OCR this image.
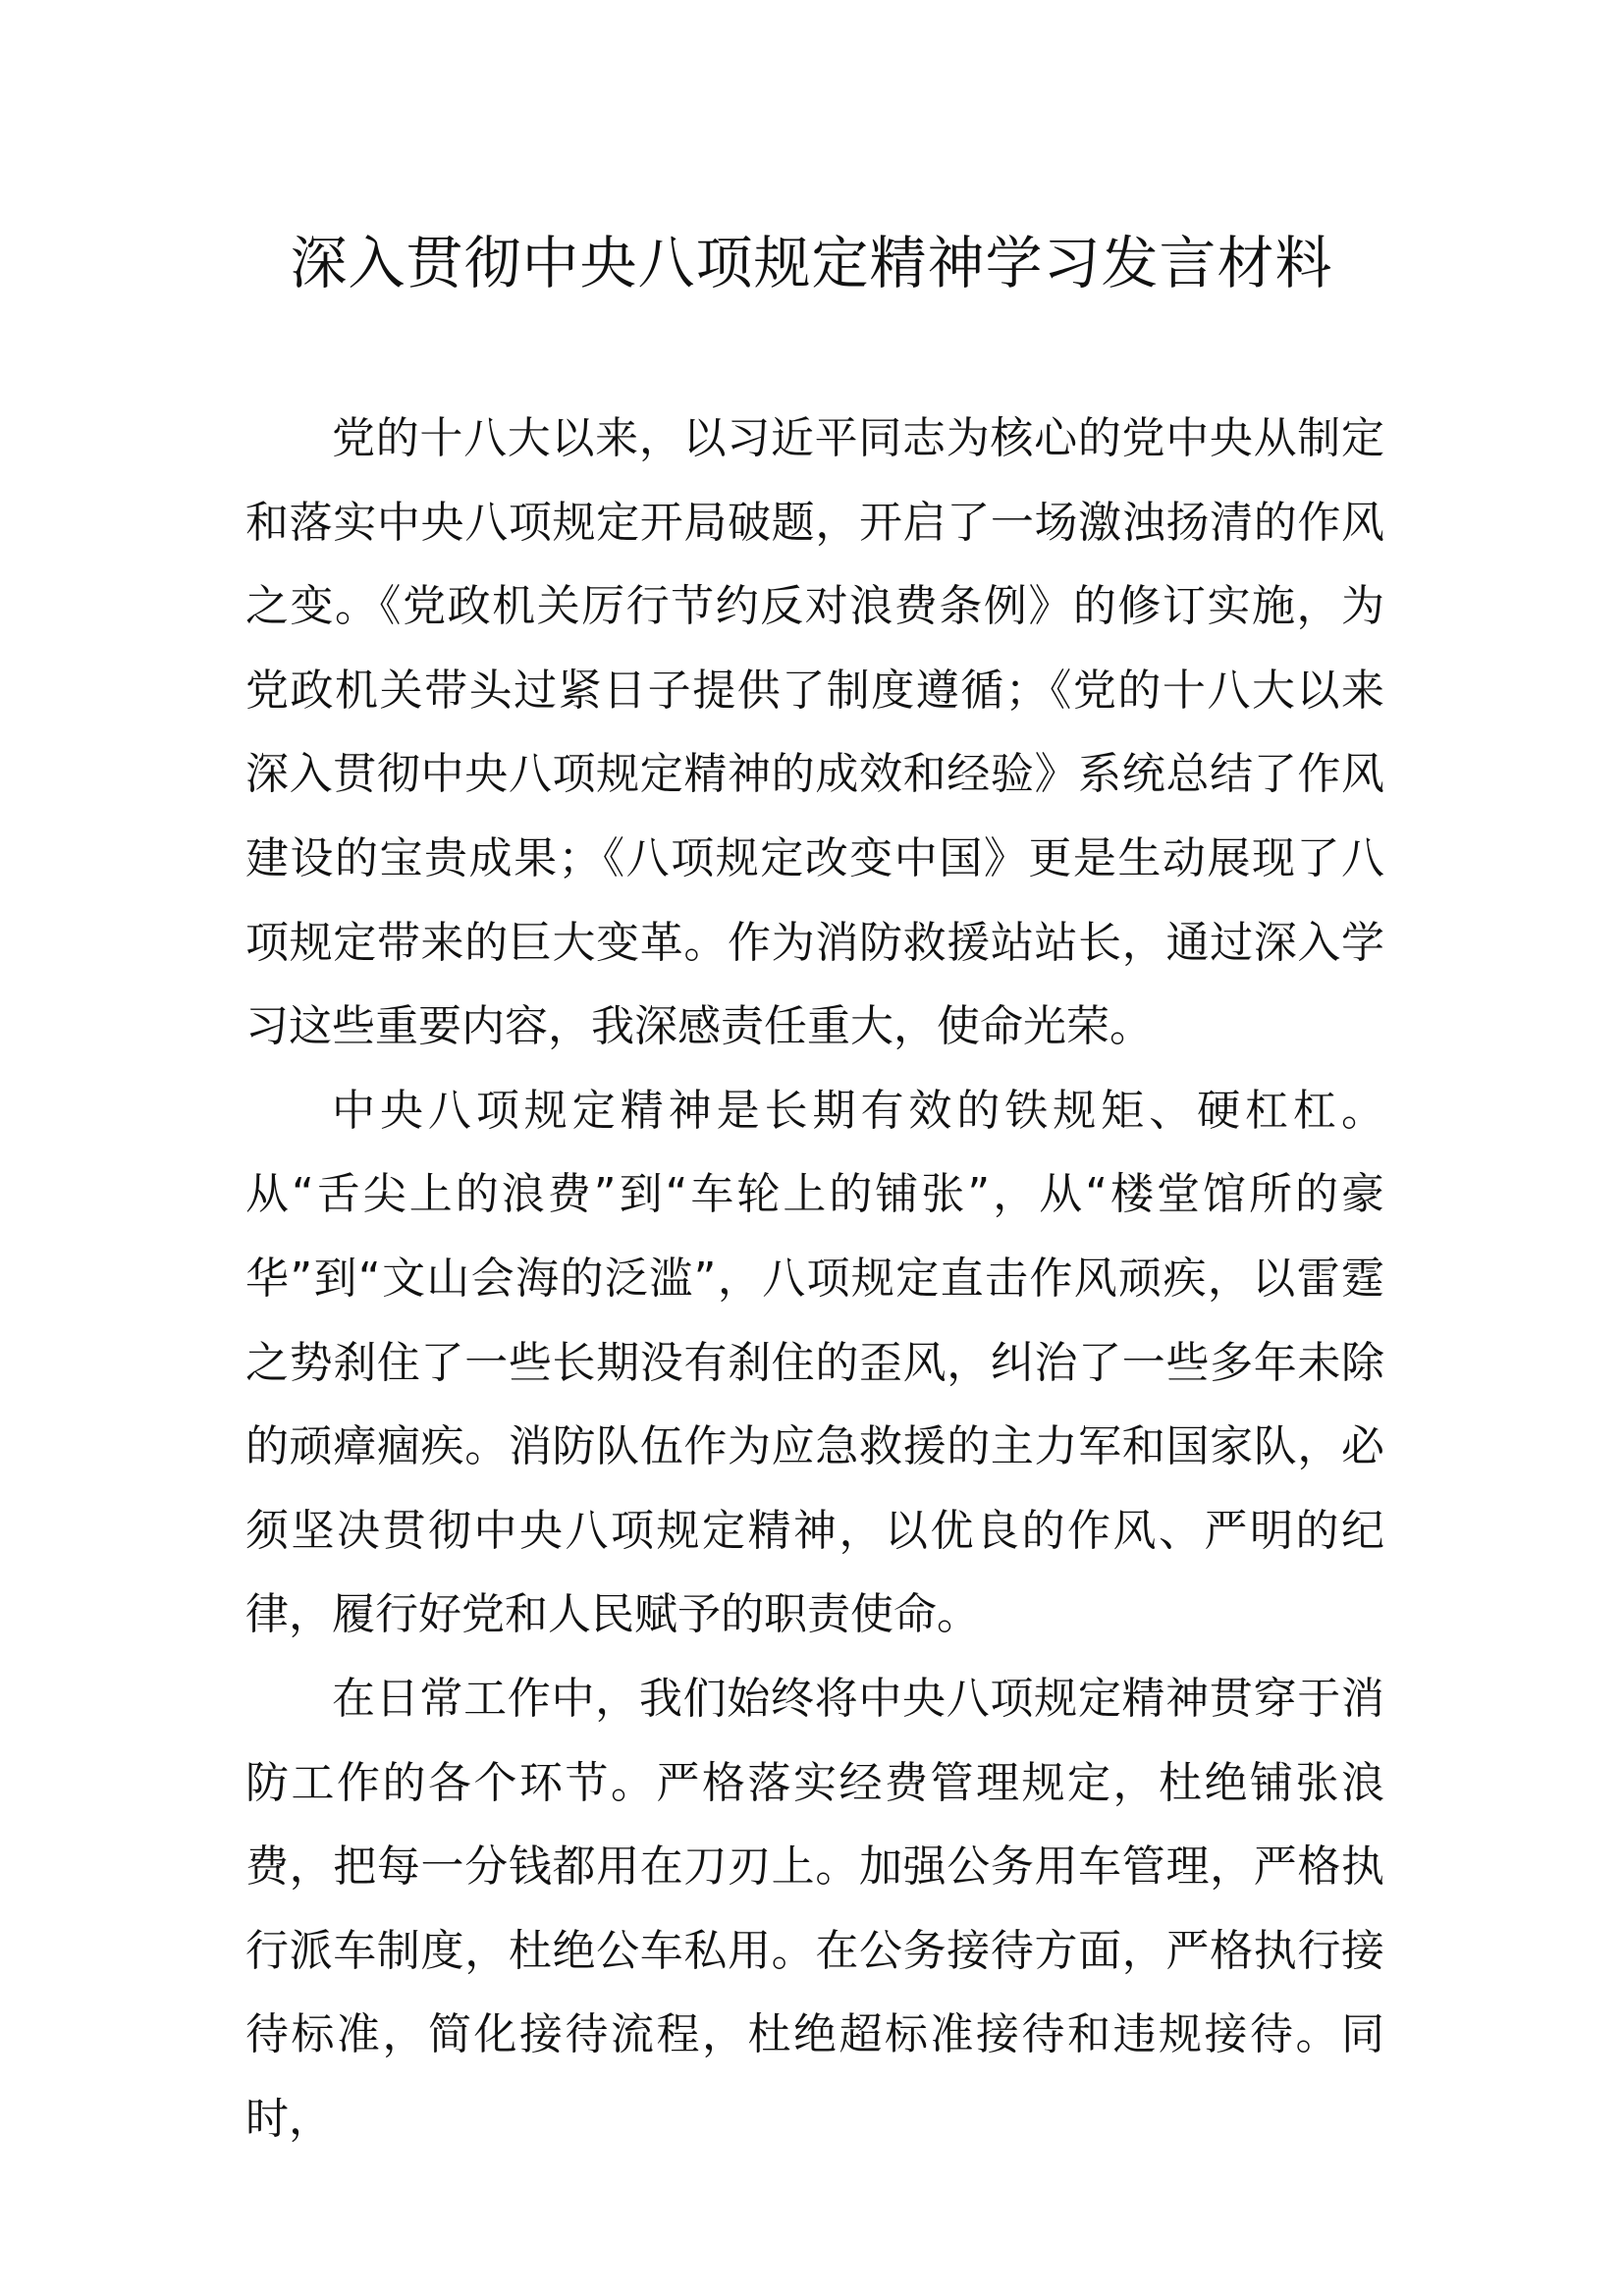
深入贯彻中央八项规定精神学习发言材料

党的十八大以来，以习近平同志为核心的党中央从制定和落实中央八项规定开局破题，开启了一场激浊扬清的作风之变。《党政机关厉行节约反对浪费条例》的修订实施，为党政机关带头过紧日子提供了制度遵循；《党的十八大以来深入贯彻中央八项规定精神的成效和经验》系统总结了作风建设的宝贵成果；《八项规定改变中国》更是生动展现了八项规定带来的巨大变革。作为消防救援站站长，通过深入学习这些重要内容，我深感责任重大，使命光荣。

中央八项规定精神是长期有效的铁规矩、硬杠杠。从“舌尖上的浪费”到“车轮上的铺张”，从“楼堂馆所的豪华”到“文山会海的泛滥”，八项规定直击作风顽疾，以雷霆之势刹住了一些长期没有刹住的歪风，纠治了一些多年未除的顽瘴痼疾。消防队伍作为应急救援的主力军和国家队，必须坚决贯彻中央八项规定精神，以优良的作风、严明的纪律，履行好党和人民赋予的职责使命。

在日常工作中，我们始终将中央八项规定精神贯穿于消防工作的各个环节。严格落实经费管理规定，杜绝铺张浪费，把每一分钱都用在刀刃上。加强公务用车管理，严格执行派车制度，杜绝公车私用。在公务接待方面，严格执行接待标准，简化接待流程，杜绝超标准接待和违规接待。同时，
